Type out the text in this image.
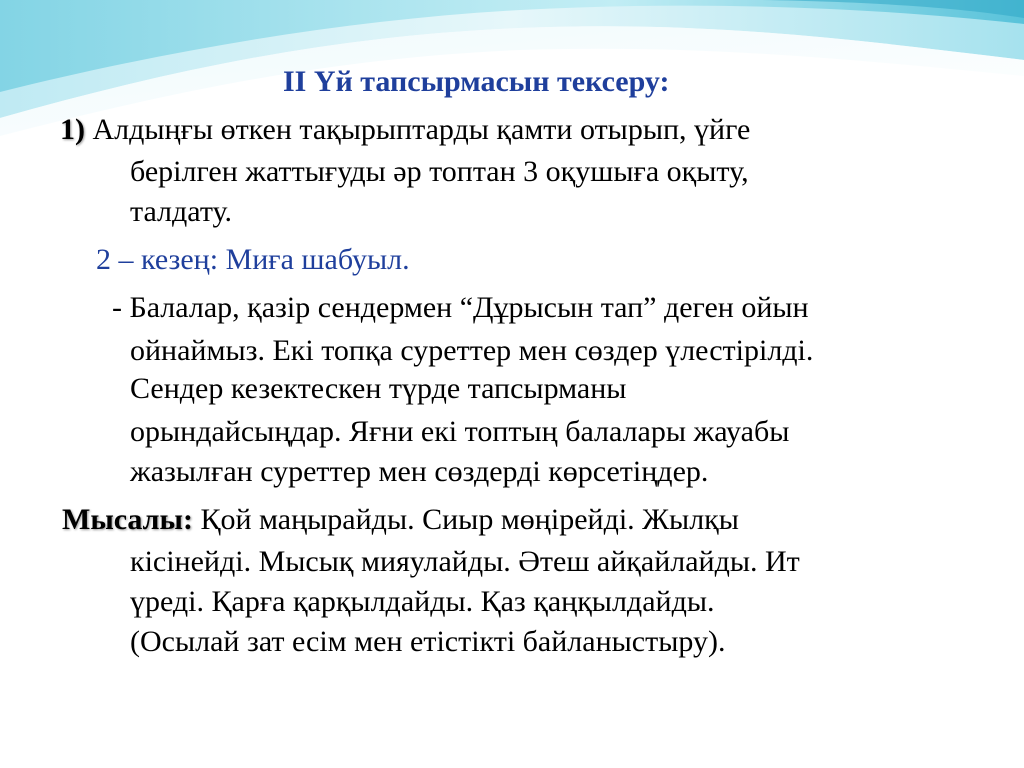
II Үй тапсырмасын тексеру:
1) Алдыңғы өткен тақырыптарды қамти отырып, үйге
берілген жаттығуды әр топтан 3 оқушыға оқыту,
талдату.
2 – кезең: Миға шабуыл.
- Балалар, қазір сендермен “Дұрысын тап” деген ойын
ойнаймыз. Екі топқа суреттер мен сөздер үлестірілді.
Сендер кезектескен түрде тапсырманы
орындайсыңдар. Яғни екі топтың балалары жауабы
жазылған суреттер мен сөздерді көрсетіңдер.
Мысалы: Қой маңырайды. Сиыр мөңірейді. Жылқы
кісінейді. Мысық мияулайды. Әтеш айқайлайды. Ит
үреді. Қарға қарқылдайды. Қаз қаңқылдайды.
(Осылай зат есім мен етістікті байланыстыру).
